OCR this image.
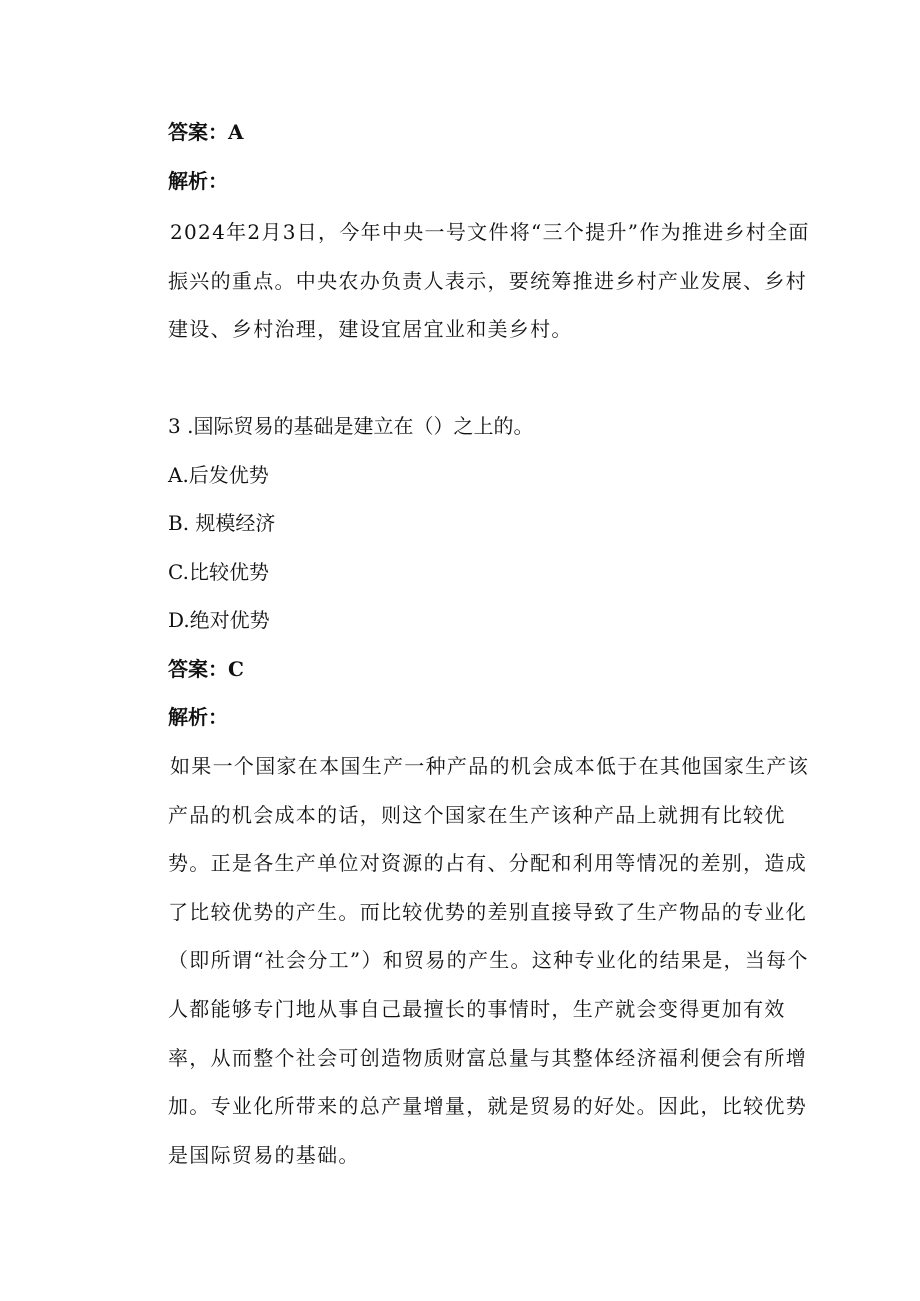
答案：A
解析：
2024年2月3日，今年中央一号文件将“三个提升”作为推进乡村全面振兴的重点。中央农办负责人表示，要统筹推进乡村产业发展、乡村建设、乡村治理，建设宜居宜业和美乡村。
3 .国际贸易的基础是建立在（）之上的。
A.后发优势
B. 规模经济
C.比较优势
D.绝对优势
答案：C
解析：
如果一个国家在本国生产一种产品的机会成本低于在其他国家生产该产品的机会成本的话，则这个国家在生产该种产品上就拥有比较优势。正是各生产单位对资源的占有、分配和利用等情况的差别，造成了比较优势的产生。而比较优势的差别直接导致了生产物品的专业化（即所谓“社会分工”）和贸易的产生。这种专业化的结果是，当每个人都能够专门地从事自己最擅长的事情时，生产就会变得更加有效率，从而整个社会可创造物质财富总量与其整体经济福利便会有所增加。专业化所带来的总产量增量，就是贸易的好处。因此，比较优势是国际贸易的基础。
